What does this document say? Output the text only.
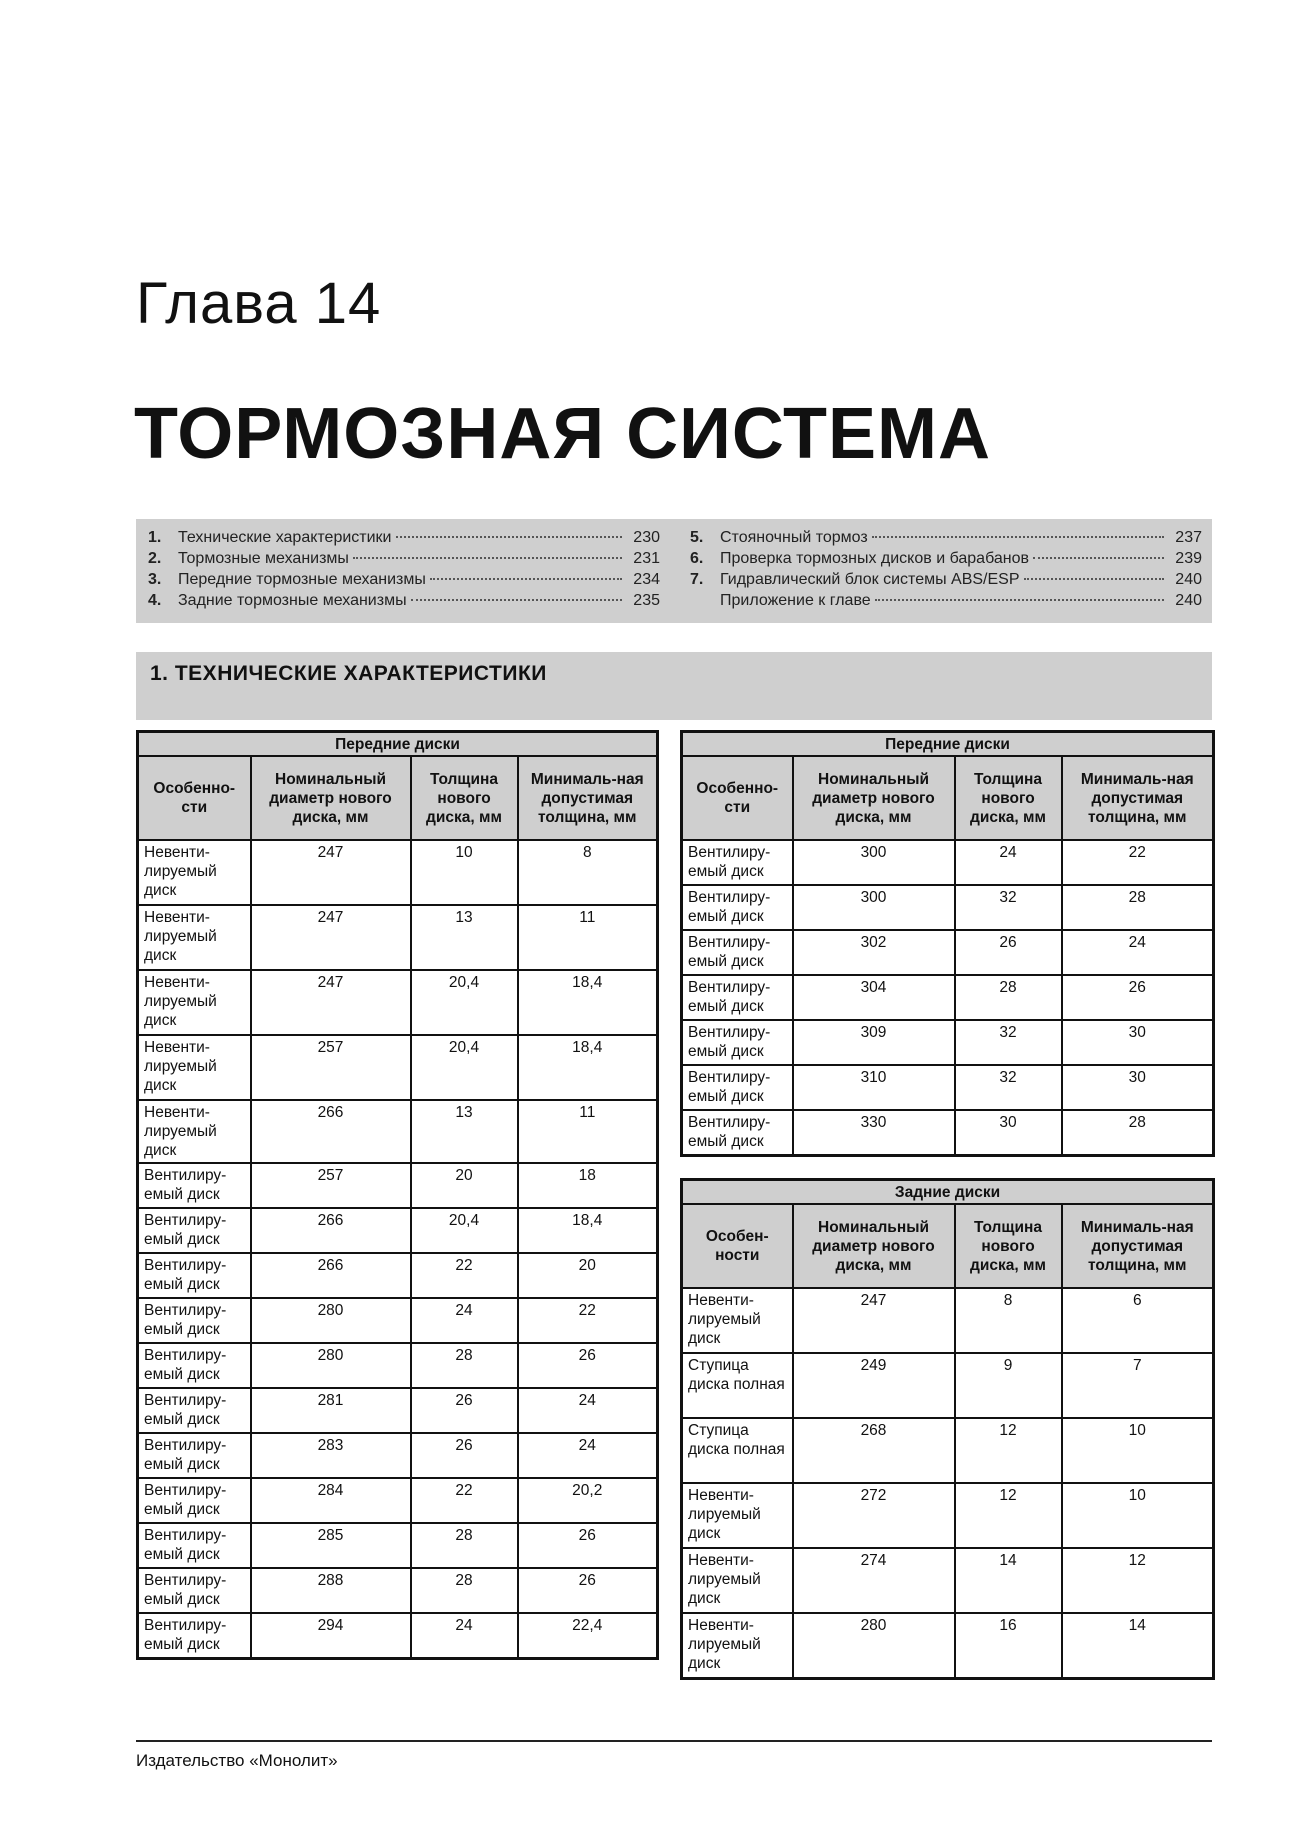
Глава 14
ТОРМОЗНАЯ СИСТЕМА
1.	Технические характеристики	230
2.	Тормозные механизмы	231
3.	Передние тормозные механизмы	234
4.	Задние тормозные механизмы	235
5.	Стояночный тормоз	237
6.	Проверка тормозных дисков и барабанов	239
7.	Гидравлический блок системы ABS/ESP	240
Приложение к главе	240
1. ТЕХНИЧЕСКИЕ ХАРАКТЕРИСТИКИ
Передние диски			
Особенно-сти	Номинальный диаметр нового диска, мм	Толщина нового диска, мм	Минималь-ная допустимая толщина, мм
Невенти-лируемый диск	247	10	8
Невенти-лируемый диск	247	13	11
Невенти-лируемый диск	247	20,4	18,4
Невенти-лируемый диск	257	20,4	18,4
Невенти-лируемый диск	266	13	11
Вентилиру-емый диск	257	20	18
Вентилиру-емый диск	266	20,4	18,4
Вентилиру-емый диск	266	22	20
Вентилиру-емый диск	280	24	22
Вентилиру-емый диск	280	28	26
Вентилиру-емый диск	281	26	24
Вентилиру-емый диск	283	26	24
Вентилиру-емый диск	284	22	20,2
Вентилиру-емый диск	285	28	26
Вентилиру-емый диск	288	28	26
Вентилиру-емый диск	294	24	22,4
Передние диски			
Особенно-сти	Номинальный диаметр нового диска, мм	Толщина нового диска, мм	Минималь-ная допустимая толщина, мм
Вентилиру-емый диск	300	24	22
Вентилиру-емый диск	300	32	28
Вентилиру-емый диск	302	26	24
Вентилиру-емый диск	304	28	26
Вентилиру-емый диск	309	32	30
Вентилиру-емый диск	310	32	30
Вентилиру-емый диск	330	30	28
Задние диски			
Особен-ности	Номинальный диаметр нового диска, мм	Толщина нового диска, мм	Минималь-ная допустимая толщина, мм
Невенти-лируемый диск	247	8	6
Ступица диска полная	249	9	7
Ступица диска полная	268	12	10
Невенти-лируемый диск	272	12	10
Невенти-лируемый диск	274	14	12
Невенти-лируемый диск	280	16	14
Издательство «Монолит»
